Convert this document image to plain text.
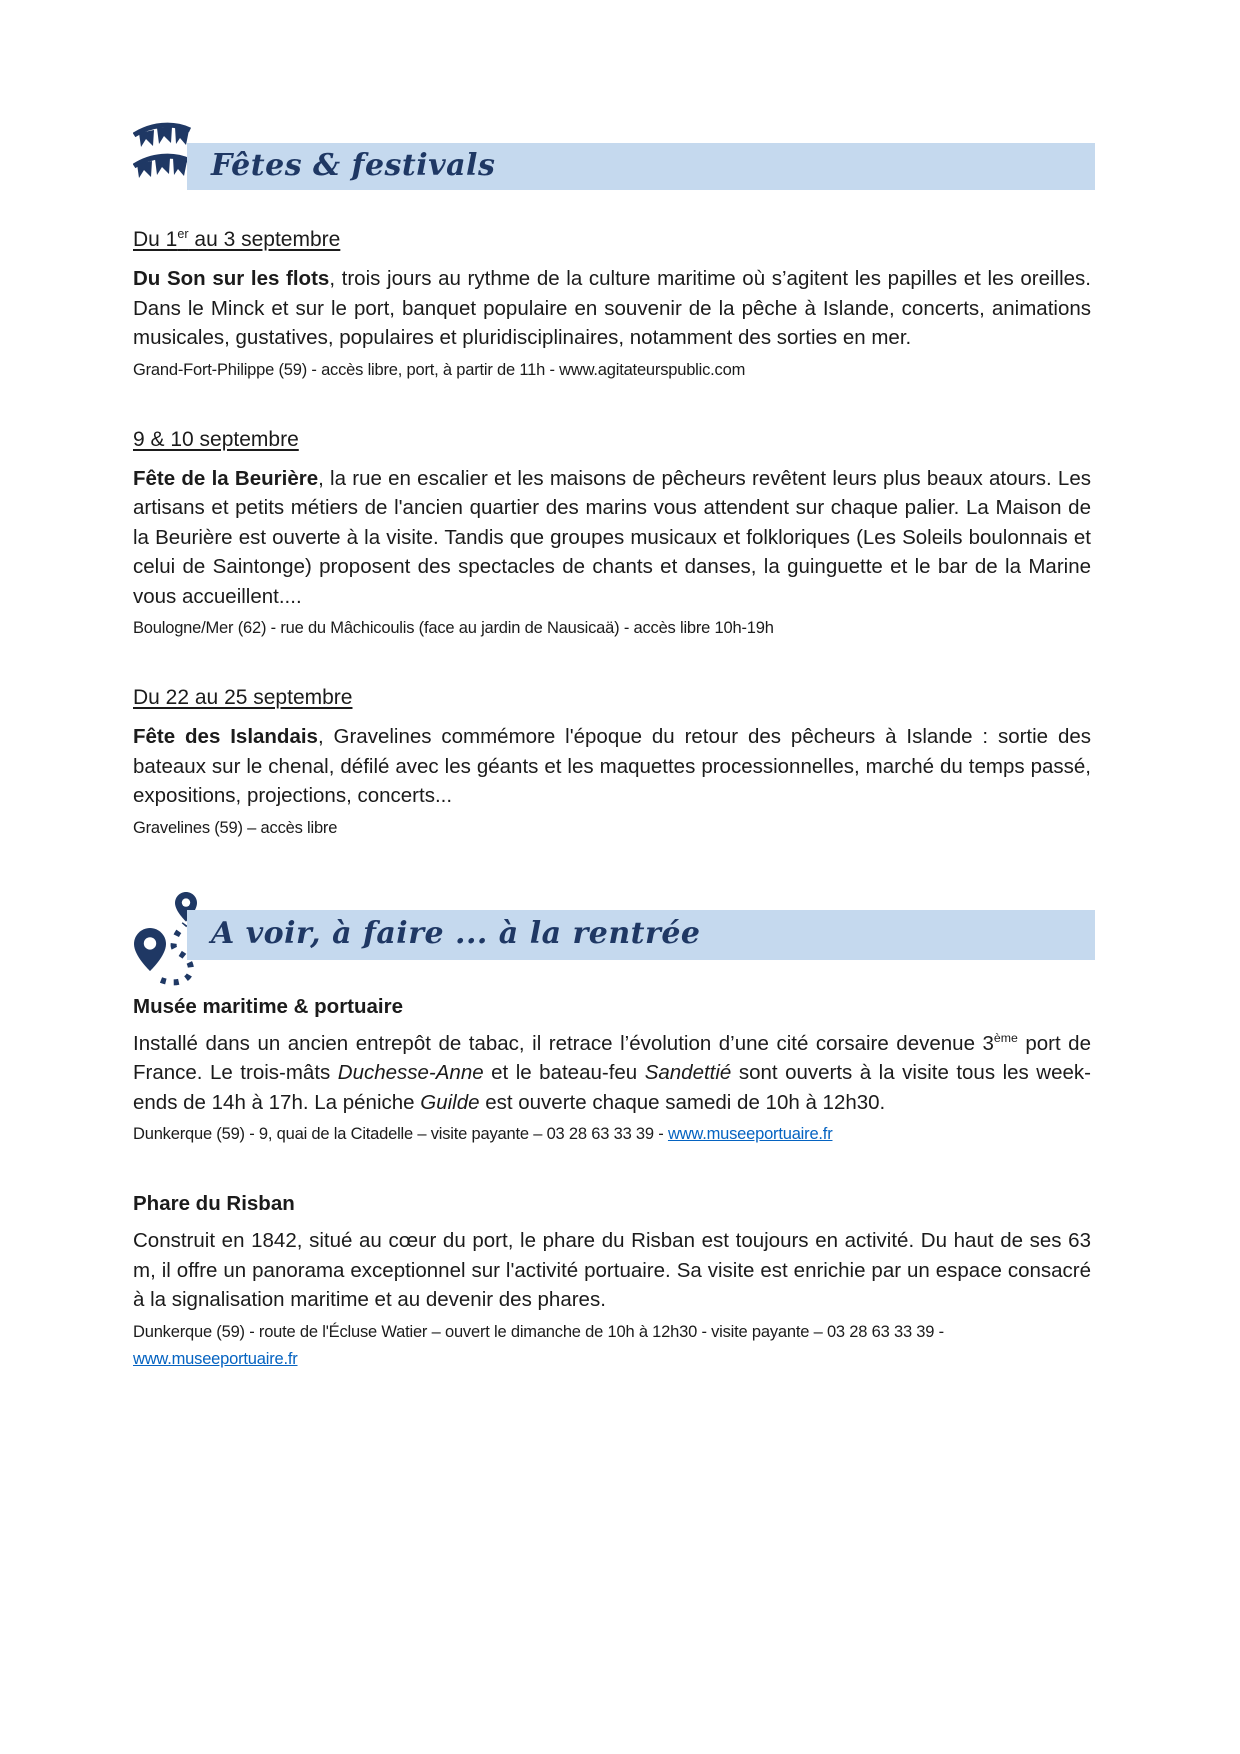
Fêtes & festivals
Du 1er au 3 septembre

Du Son sur les flots, trois jours au rythme de la culture maritime où s’agitent les papilles et les oreilles. Dans le Minck et sur le port, banquet populaire en souvenir de la pêche à Islande, concerts, animations musicales, gustatives, populaires et pluridisciplinaires, notamment des sorties en mer.

Grand-Fort-Philippe (59) - accès libre, port, à partir de 11h - www.agitateurspublic.com

9 & 10 septembre

Fête de la Beurière, la rue en escalier et les maisons de pêcheurs revêtent leurs plus beaux atours. Les artisans et petits métiers de l'ancien quartier des marins vous attendent sur chaque palier. La Maison de la Beurière est ouverte à la visite. Tandis que groupes musicaux et folkloriques (Les Soleils boulonnais et celui de Saintonge) proposent des spectacles de chants et danses, la guinguette et le bar de la Marine vous accueillent....

Boulogne/Mer (62) - rue du Mâchicoulis (face au jardin de Nausicaä) - accès libre 10h-19h

Du 22 au 25 septembre

Fête des Islandais, Gravelines commémore l'époque du retour des pêcheurs à Islande : sortie des bateaux sur le chenal, défilé avec les géants et les maquettes processionnelles, marché du temps passé, expositions, projections, concerts...

Gravelines (59) – accès libre

A voir, à faire ... à la rentrée
Musée maritime & portuaire

Installé dans un ancien entrepôt de tabac, il retrace l’évolution d’une cité corsaire devenue 3ème port de France. Le trois-mâts Duchesse-Anne et le bateau-feu Sandettié sont ouverts à la visite tous les week-ends de 14h à 17h. La péniche Guilde est ouverte chaque samedi de 10h à 12h30.

Dunkerque (59) - 9, quai de la Citadelle – visite payante – 03 28 63 33 39 - www.museeportuaire.fr

Phare du Risban

Construit en 1842, situé au cœur du port, le phare du Risban est toujours en activité. Du haut de ses 63 m, il offre un panorama exceptionnel sur l'activité portuaire. Sa visite est enrichie par un espace consacré à la signalisation maritime et au devenir des phares.

Dunkerque (59) - route de l'Écluse Watier – ouvert le dimanche de 10h à 12h30 - visite payante – 03 28 63 33 39 - www.museeportuaire.fr
